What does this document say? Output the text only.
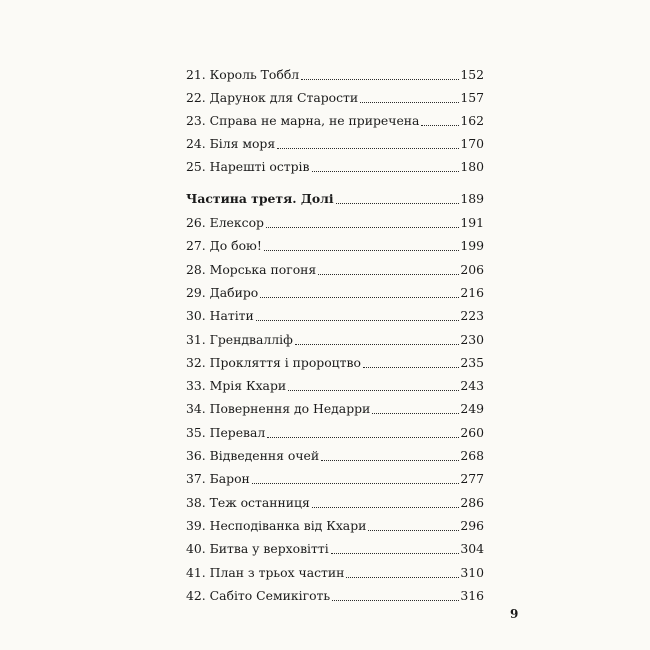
21. Король Тоббл	152
22. Дарунок для Старости	157
23. Справа не марна, не приречена	162
24. Біля моря	170
25. Нарешті острів	180
Частина третя. Долі	189
26. Елексор	191
27. До бою!	199
28. Морська погоня	206
29. Дабиро	216
30. Натіти	223
31. Грендвалліф	230
32. Прокляття і пророцтво	235
33. Мрія Кхари	243
34. Повернення до Недарри	249
35. Перевал	260
36. Відведення очей	268
37. Барон	277
38. Теж останниця	286
39. Несподіванка від Кхари	296
40. Битва у верховітті	304
41. План з трьох частин	310
42. Сабіто Семикіготь	316
9
